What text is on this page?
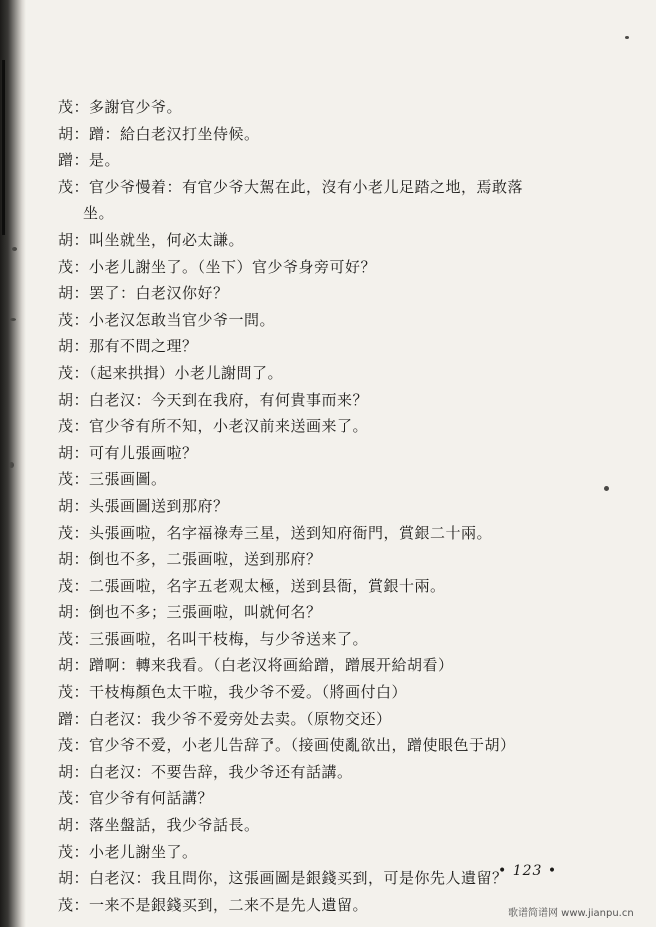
茂：多謝官少爷。
胡：蹭：給白老汉打坐侍候。
蹭：是。
茂：官少爷慢着：有官少爷大駕在此，沒有小老儿足踏之地，焉敢落
坐。
胡：叫坐就坐，何必太謙。
茂：小老儿謝坐了。（坐下）官少爷身旁可好？
胡：罢了：白老汉你好？
茂：小老汉怎敢当官少爷一問。
胡：那有不問之理？
茂：（起来拱揖）小老儿謝問了。
胡：白老汉：今天到在我府，有何貴事而来？
茂：官少爷有所不知，小老汉前来送画来了。
胡：可有儿張画啦？
茂：三張画圖。
胡：头張画圖送到那府？
茂：头張画啦，名字福祿寿三星，送到知府衙門，賞銀二十兩。
胡：倒也不多，二張画啦，送到那府？
茂：二張画啦，名字五老观太極，送到县衙，賞銀十兩。
胡：倒也不多；三張画啦，叫就何名？
茂：三張画啦，名叫干枝梅，与少爷送来了。
胡：蹭啊：轉来我看。（白老汉将画給蹭，蹭展开給胡看）
茂：干枝梅顏色太干啦，我少爷不爱。（將画付白）
蹭：白老汉：我少爷不爱旁处去卖。（原物交还）
茂：官少爷不爱，小老儿告辞了。（接画使亂欲出，蹭使眼色于胡）
胡：白老汉：不要告辞，我少爷还有話講。
茂：官少爷有何話講？
胡：落坐盤話，我少爷話長。
茂：小老儿謝坐了。
胡：白老汉：我且問你，这張画圖是銀錢买到，可是你先人遺留？
茂：一来不是銀錢买到，二来不是先人遺留。
• 123 •
歌谱简谱网 www.jianpu.cn
